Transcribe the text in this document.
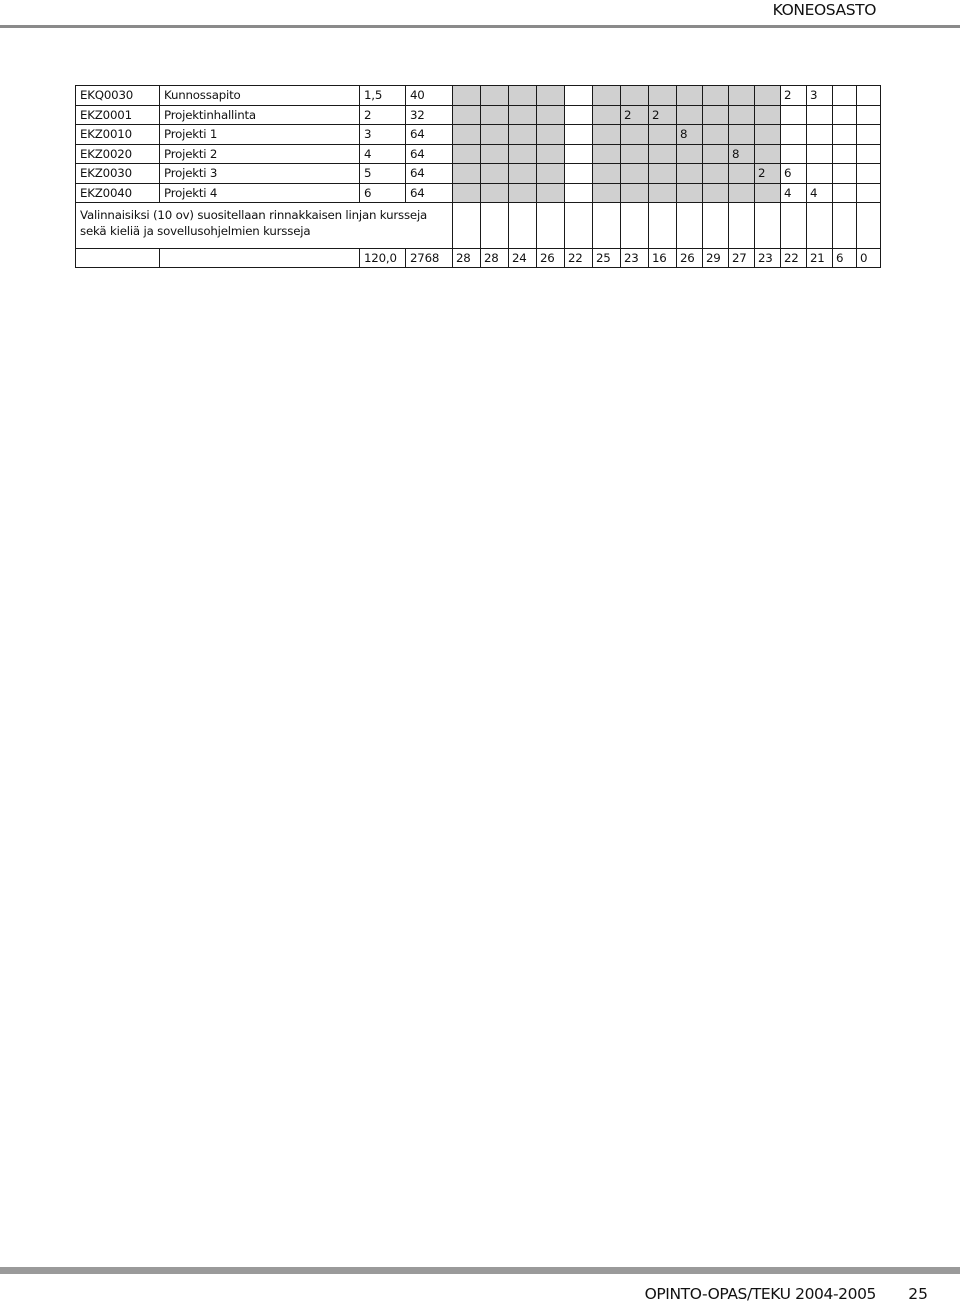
KONEOSASTO
EKQ0030	Kunnossapito	1,5	40													2	3		
EKZ0001	Projektinhallinta	2	32							2	2								
EKZ0010	Projekti 1	3	64									8							
EKZ0020	Projekti 2	4	64											8					
EKZ0030	Projekti 3	5	64												2	6			
EKZ0040	Projekti 4	6	64													4	4		
Valinnaisiksi (10 ov) suositellaan rinnakkaisen linjan kursseja sekä kieliä ja sovellusohjelmien kursseja																			
		120,0	2768	28	28	24	26	22	25	23	16	26	29	27	23	22	21	6	0
OPINTO-OPAS/TEKU 2004-2005 25
